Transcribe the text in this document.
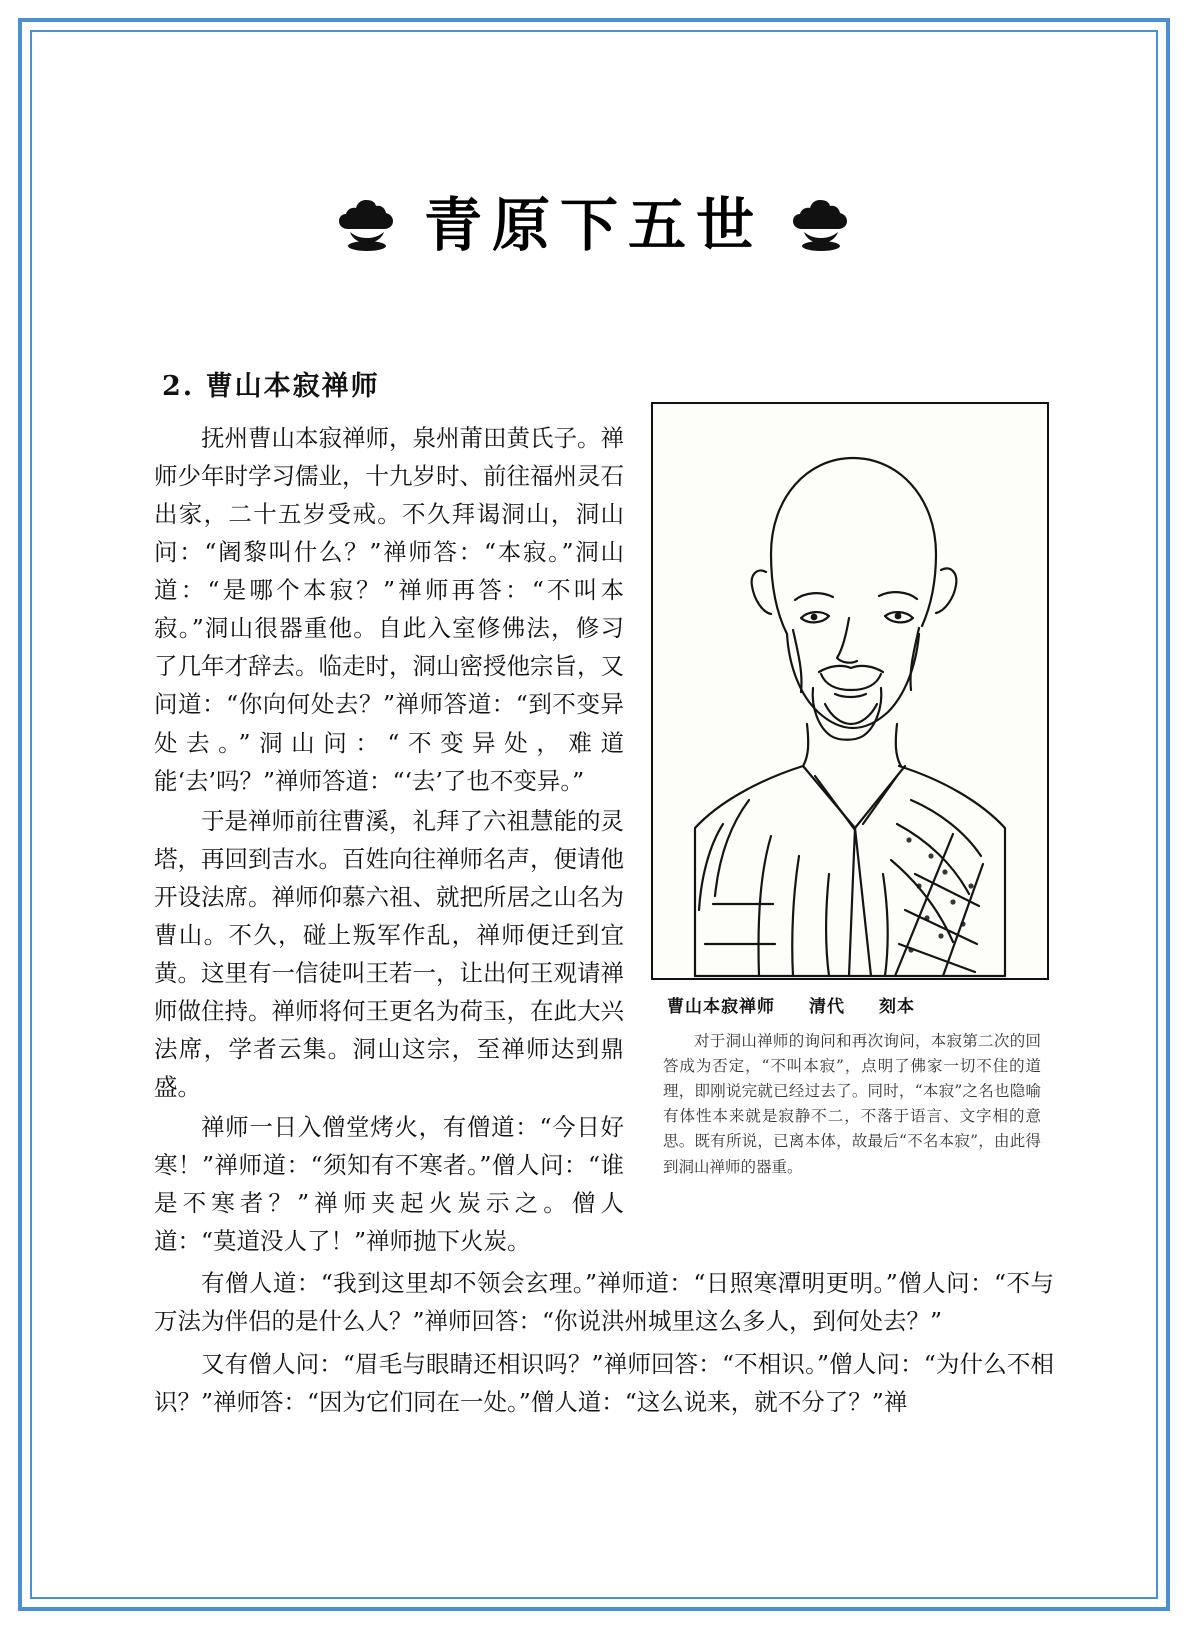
青原下五世
2. 曹山本寂禅师
曹山本寂禅师 清代 刻本
对于洞山禅师的询问和再次询问，本寂第二次的回答成为否定，“不叫本寂”，点明了佛家一切不住的道理，即刚说完就已经过去了。同时，“本寂”之名也隐喻有体性本来就是寂静不二，不落于语言、文字相的意思。既有所说，已离本体，故最后“不名本寂”，由此得到洞山禅师的器重。

抚州曹山本寂禅师，泉州莆田黄氏子。禅师少年时学习儒业，十九岁时、前往福州灵石出家，二十五岁受戒。不久拜谒洞山，洞山问：“阇黎叫什么？”禅师答：“本寂。”洞山道：“是哪个本寂？”禅师再答：“不叫本寂。”洞山很器重他。自此入室修佛法，修习了几年才辞去。临走时，洞山密授他宗旨，又问道：“你向何处去？”禅师答道：“到不变异处去。”洞山问：“不变异处，难道能‘去’吗？”禅师答道：“‘去’了也不变异。”

于是禅师前往曹溪，礼拜了六祖慧能的灵塔，再回到吉水。百姓向往禅师名声，便请他开设法席。禅师仰慕六祖、就把所居之山名为曹山。不久，碰上叛军作乱，禅师便迁到宜黄。这里有一信徒叫王若一，让出何王观请禅师做住持。禅师将何王更名为荷玉，在此大兴法席，学者云集。洞山这宗，至禅师达到鼎盛。

禅师一日入僧堂烤火，有僧道：“今日好寒！”禅师道：“须知有不寒者。”僧人问：“谁是不寒者？”禅师夹起火炭示之。僧人道：“莫道没人了！”禅师抛下火炭。

有僧人道：“我到这里却不领会玄理。”禅师道：“日照寒潭明更明。”僧人问：“不与万法为伴侣的是什么人？”禅师回答：“你说洪州城里这么多人，到何处去？”

又有僧人问：“眉毛与眼睛还相识吗？”禅师回答：“不相识。”僧人问：“为什么不相识？”禅师答：“因为它们同在一处。”僧人道：“这么说来，就不分了？”禅
